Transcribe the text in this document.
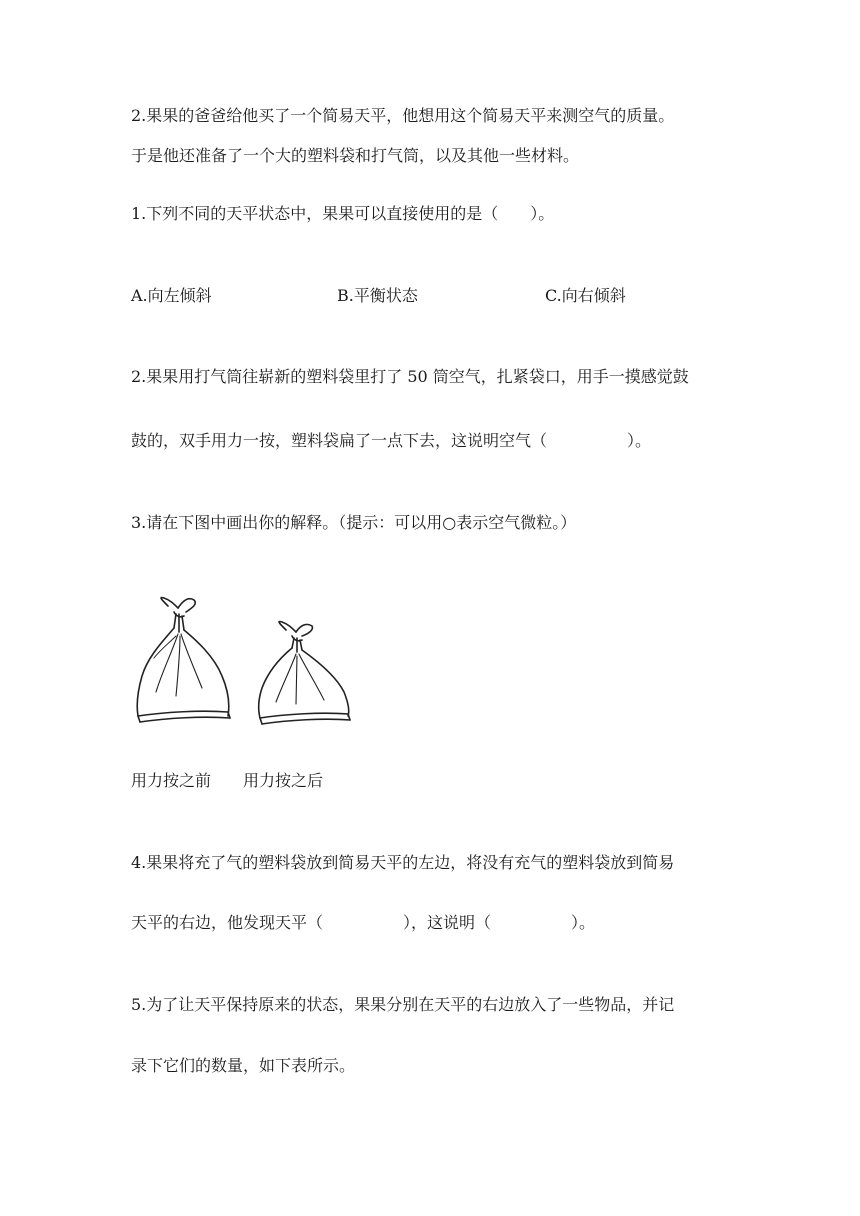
2.果果的爸爸给他买了一个简易天平，他想用这个简易天平来测空气的质量。
于是他还准备了一个大的塑料袋和打气筒，以及其他一些材料。
1.下列不同的天平状态中，果果可以直接使用的是（　　）。
A.向左倾斜	B.平衡状态	C.向右倾斜
2.果果用打气筒往崭新的塑料袋里打了 50 筒空气，扎紧袋口，用手一摸感觉鼓
鼓的，双手用力一按，塑料袋扁了一点下去，这说明空气（　　　　　）。
3.请在下图中画出你的解释。（提示：可以用○表示空气微粒。）
用力按之前 用力按之后
4.果果将充了气的塑料袋放到简易天平的左边，将没有充气的塑料袋放到简易
天平的右边，他发现天平（　　　　　），这说明（　　　　　）。
5.为了让天平保持原来的状态，果果分别在天平的右边放入了一些物品，并记
录下它们的数量，如下表所示。
